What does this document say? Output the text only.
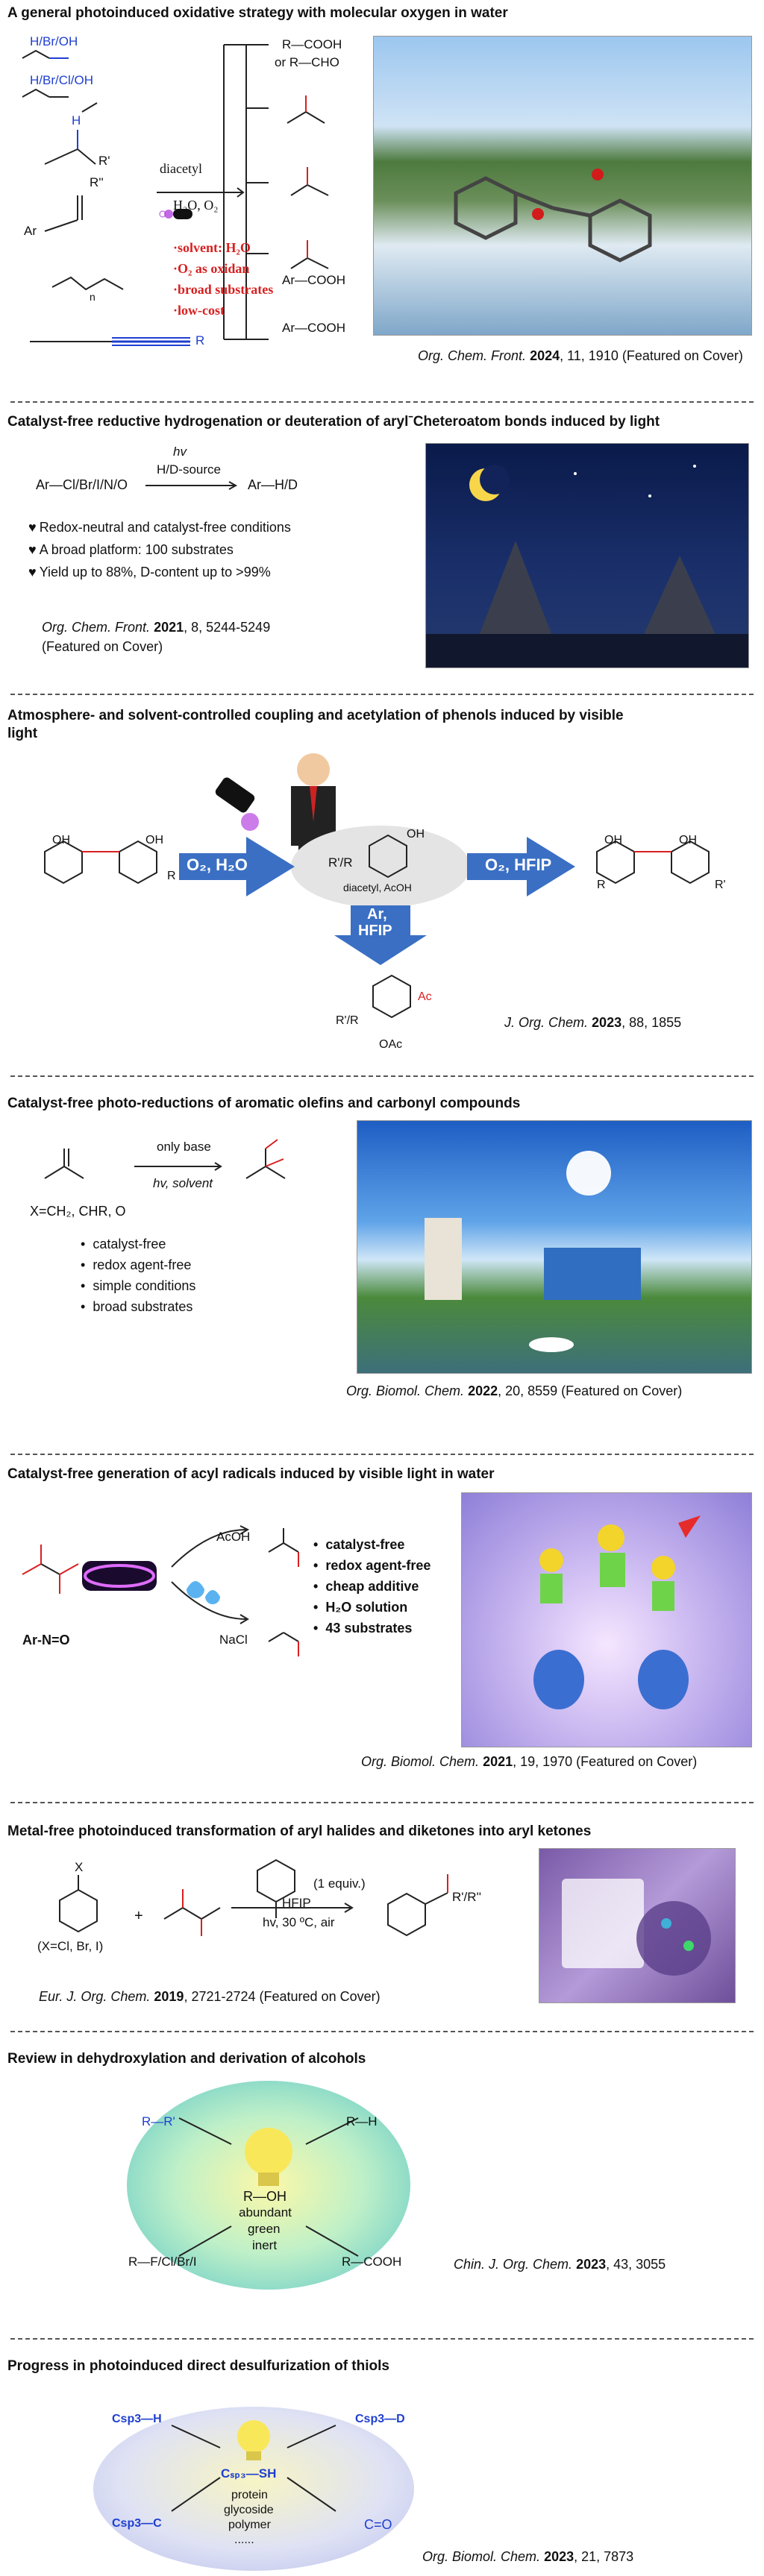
A general photoinduced oxidative strategy with molecular oxygen in water
H/Br/OH
H/Br/Cl/OH
H
R'
R''
Ar
n
R
diacetyl
H₂O, O₂
· solvent: H₂O
· O₂ as oxidan
· broad substrates
· low-cost
R—COOH
or R—CHO
Ar—COOH
Ar—COOH
Org. Chem. Front. 2024, 11, 1910 (Featured on Cover)
Catalyst-free reductive hydrogenation or deuteration of arylˉCheteroatom bonds induced by light
hv
H/D-source
Ar—Cl/Br/I/N/O	Ar—H/D
♥ Redox-neutral and catalyst-free conditions
♥ A broad platform: 100 substrates
♥ Yield up to 88%, D-content up to >99%
Org. Chem. Front. 2021, 8, 5244-5249
(Featured on Cover)
Atmosphere- and solvent-controlled coupling and acetylation of phenols induced by visible
light
O₂, H₂O	O₂, HFIP
Ar,
HFIP
R'/R
diacetyl, AcOH
OH
OH	OH
R
OH	OH
R	R'
R'/R
Ac
OAc
J. Org. Chem. 2023, 88, 1855
Catalyst-free photo-reductions of aromatic olefins and carbonyl compounds
only base
hv, solvent
X=CH₂, CHR, O
• catalyst-free
• redox agent-free
• simple conditions
• broad substrates
Org. Biomol. Chem. 2022, 20, 8559 (Featured on Cover)
Catalyst-free generation of acyl radicals induced by visible light in water
AcOH
NaCl
Ar-N=O
• catalyst-free
• redox agent-free
• cheap additive
• H₂O solution
• 43 substrates
Org. Biomol. Chem. 2021, 19, 1970 (Featured on Cover)
Metal-free photoinduced transformation of aryl halides and diketones into aryl ketones
X
+
(1 equiv.)
HFIP
hv, 30 ºC, air
(X=Cl, Br, I)
R'/R''
Eur. J. Org. Chem. 2019, 2721-2724 (Featured on Cover)
Review in dehydroxylation and derivation of alcohols
R—R'	R—H
R—F/Cl/Br/I	R—COOH
R—OH
abundant
green
inert
Chin. J. Org. Chem. 2023, 43, 3055
Progress in photoinduced direct desulfurization of thiols
Csp3—H	Csp3—D
Csp3—C	C=O
Cₛₚ₃—SH
protein
glycoside
polymer
......
Org. Biomol. Chem. 2023, 21, 7873
